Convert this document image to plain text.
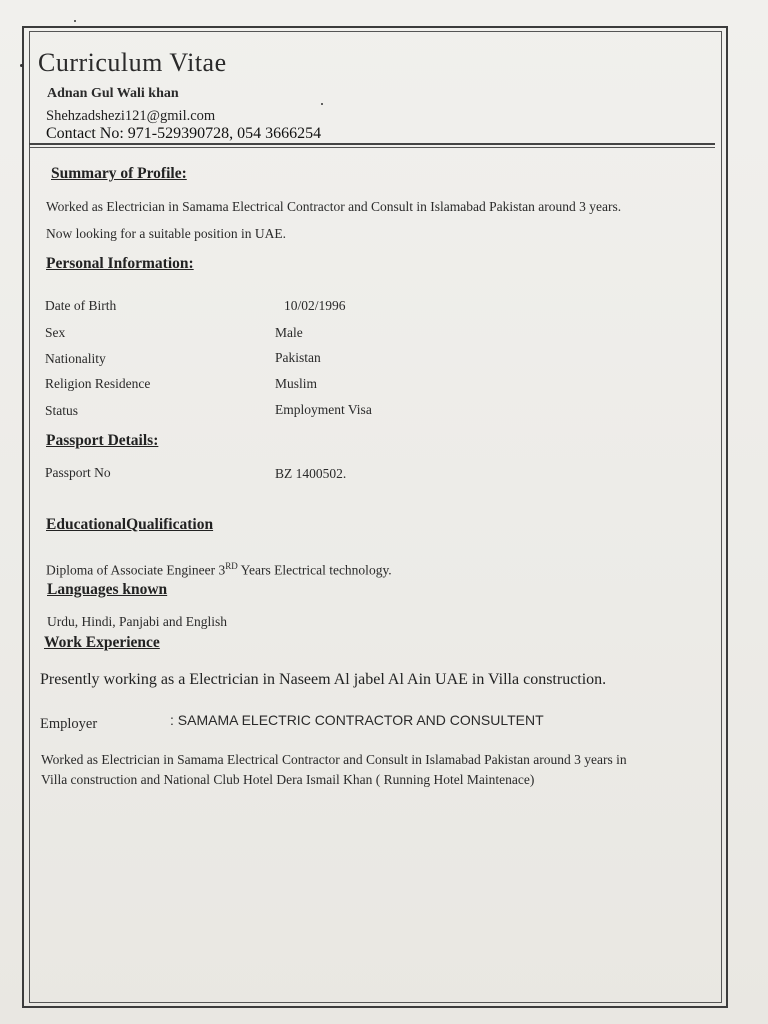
Curriculum Vitae
Adnan Gul Wali khan
Shehzadshezi121@gmil.com
Contact No: 971-529390728, 054 3666254
Summary of Profile:
Worked as Electrician in Samama Electrical Contractor and Consult in Islamabad Pakistan around 3 years.
Now looking for a suitable position in UAE.
Personal Information:
Date of Birth	10/02/1996
Sex	Male
Nationality	Pakistan
Religion Residence	Muslim
Status	Employment Visa
Passport Details:
Passport No	BZ 1400502.
EducationalQualification
Diploma of Associate Engineer 3RD Years Electrical technology.
Languages known
Urdu, Hindi, Panjabi and English
Work Experience
Presently working as a Electrician in Naseem Al jabel Al Ain UAE in Villa construction.
Employer	: SAMAMA ELECTRIC CONTRACTOR AND CONSULTENT
Worked as Electrician in Samama Electrical Contractor and Consult in Islamabad Pakistan around 3 years in
Villa construction and National Club Hotel Dera Ismail Khan ( Running Hotel Maintenace)
